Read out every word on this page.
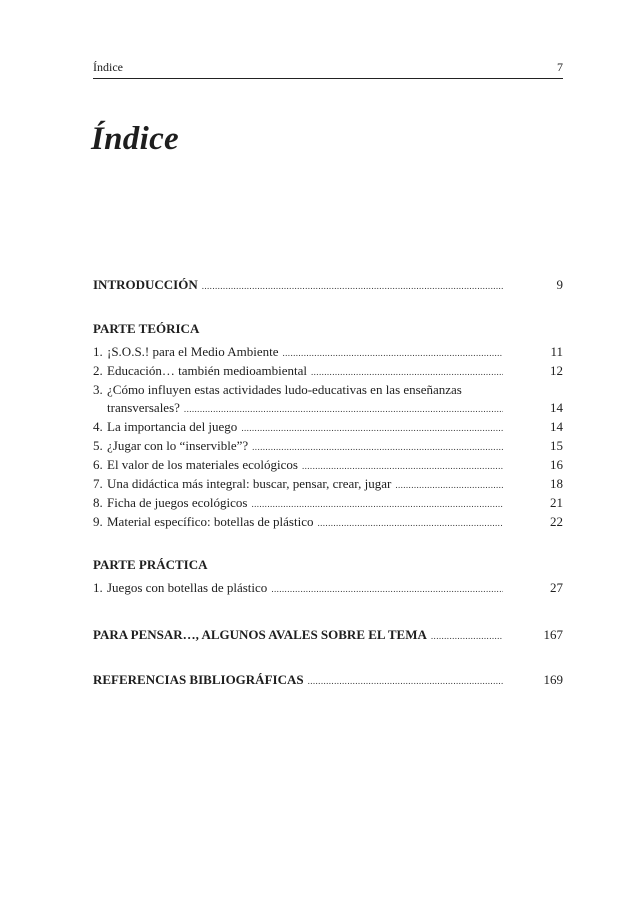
Índice	7
Índice
INTRODUCCIÓN .....	9
PARTE TEÓRICA
1. ¡S.O.S.! para el Medio Ambiente .....	11
2. Educación… también medioambiental .....	12
3. ¿Cómo influyen estas actividades ludo-educativas en las enseñanzas
transversales? .....	14
4. La importancia del juego .....	14
5. ¿Jugar con lo “inservible”? .....	15
6. El valor de los materiales ecológicos .....	16
7. Una didáctica más integral: buscar, pensar, crear, jugar .....	18
8. Ficha de juegos ecológicos .....	21
9. Material específico: botellas de plástico .....	22
PARTE PRÁCTICA
1. Juegos con botellas de plástico .....	27
PARA PENSAR…, ALGUNOS AVALES SOBRE EL TEMA .....	167
REFERENCIAS BIBLIOGRÁFICAS .....	169
